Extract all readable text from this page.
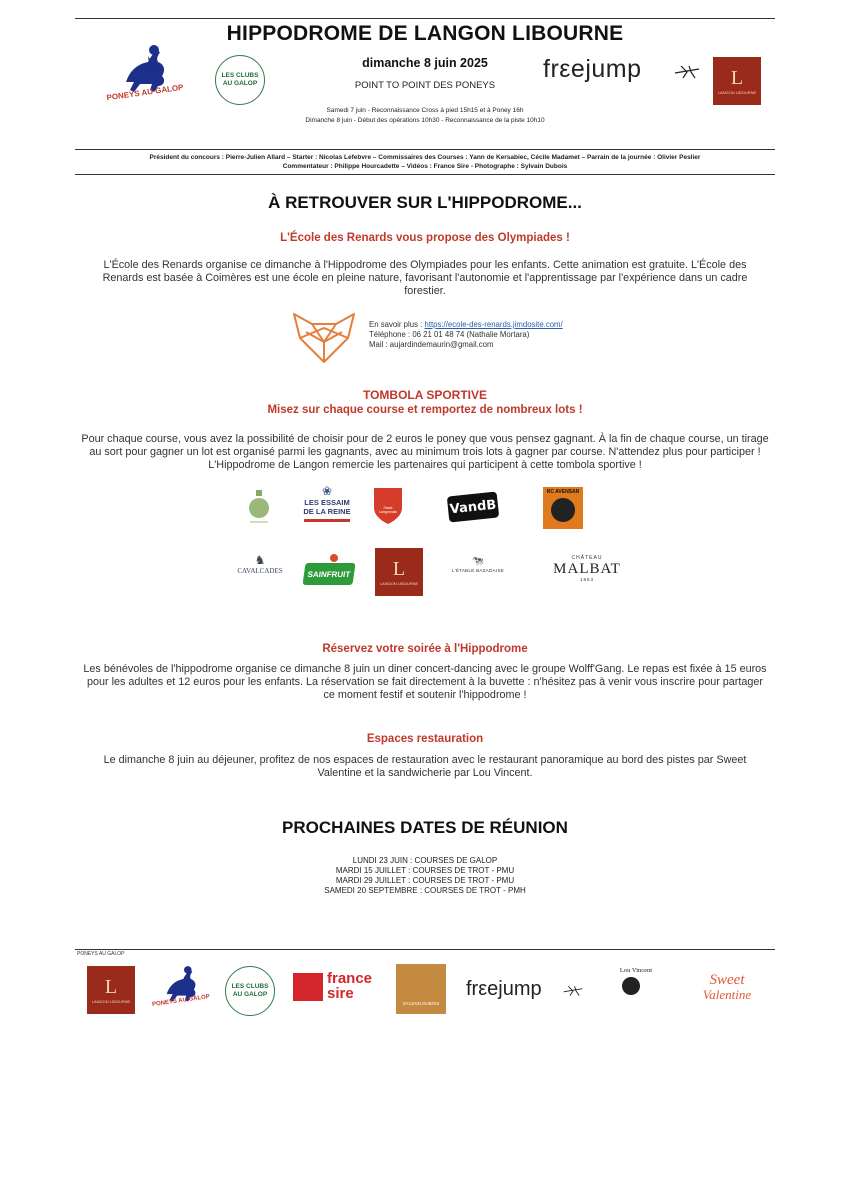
HIPPODROME DE LANGON LIBOURNE
dimanche 8 juin 2025
POINT TO POINT DES PONEYS
Samedi 7 juin - Reconnaissance Cross à pied 15h15 et à Poney 16h
Dimanche 8 juin - Début des opérations 10h30 - Reconnaissance de la piste 10h10
PONEYS AU GALOP
LES CLUBS
AU GALOP
frεejump	L
LANGON LIBOURNE
Président du concours : Pierre-Julien Allard – Starter : Nicolas Lefebvre – Commissaires des Courses : Yann de Kersabiec, Cécile Madamet – Parrain de la journée : Olivier Peslier
Commentateur : Philippe Hourcadette – Vidéos : France Sire - Photographe : Sylvain Dubois
À RETROUVER SUR L'HIPPODROME...
L'École des Renards vous propose des Olympiades !
L'École des Renards organise ce dimanche à l'Hippodrome des Olympiades pour les enfants. Cette animation est gratuite. L'École des Renards est basée à Coimères est une école en pleine nature, favorisant l'autonomie et l'apprentissage par l'expérience dans un cadre forestier.
En savoir plus : https://ecole-des-renards.jimdosite.com/
Téléphone : 06 21 01 48 74 (Nathalie Mortara)
Mail : aujardindemaurin@gmail.com
TOMBOLA SPORTIVE
Misez sur chaque course et remportez de nombreux lots !
Pour chaque course, vous avez la possibilité de choisir pour de 2 euros le poney que vous pensez gagnant. À la fin de chaque course, un tirage au sort pour gagner un lot est organisé parmi les gagnants, avec au minimum trois lots à gagner par course. N'attendez plus pour participer ! L'Hippodrome de Langon remercie les partenaires qui participent à cette tombola sportive !
❀
LES ESSAIM
DE LA REINE	Stade Langonnais	VandB
RC AVENSAN
♞
CAVALCADES	SAINFRUIT L
LANGON LIBOURNE
🐄
L'ÉTABLE BAZADAISE
CHÂTEAU
MALBAT
1863
Réservez votre soirée à l'Hippodrome
Les bénévoles de l'hippodrome organise ce dimanche 8 juin un diner concert-dancing avec le groupe Wolff'Gang. Le repas est fixée à 15 euros pour les adultes et 12 euros pour les enfants. La réservation se fait directement à la buvette : n'hésitez pas à venir vous inscrire pour partager ce moment festif et soutenir l'hippodrome !
Espaces restauration
Le dimanche 8 juin au déjeuner, profitez de nos espaces de restauration avec le restaurant panoramique au bord des pistes par Sweet Valentine et la sandwicherie par Lou Vincent.
PROCHAINES DATES DE RÉUNION
LUNDI 23 JUIN : COURSES DE GALOP
MARDI 15 JUILLET : COURSES DE TROT - PMU
MARDI 29 JUILLET : COURSES DE TROT - PMU
SAMEDI 20 SEPTEMBRE : COURSES DE TROT - PMH
PONEYS AU GALOP
L
LANGON LIBOURNE	PONEYS AU GALOP
LES CLUBS
AU GALOP
france
sire
SYLVAIN DUBOIS
frεejump
Lou Vincent
Sweet
Valentine
